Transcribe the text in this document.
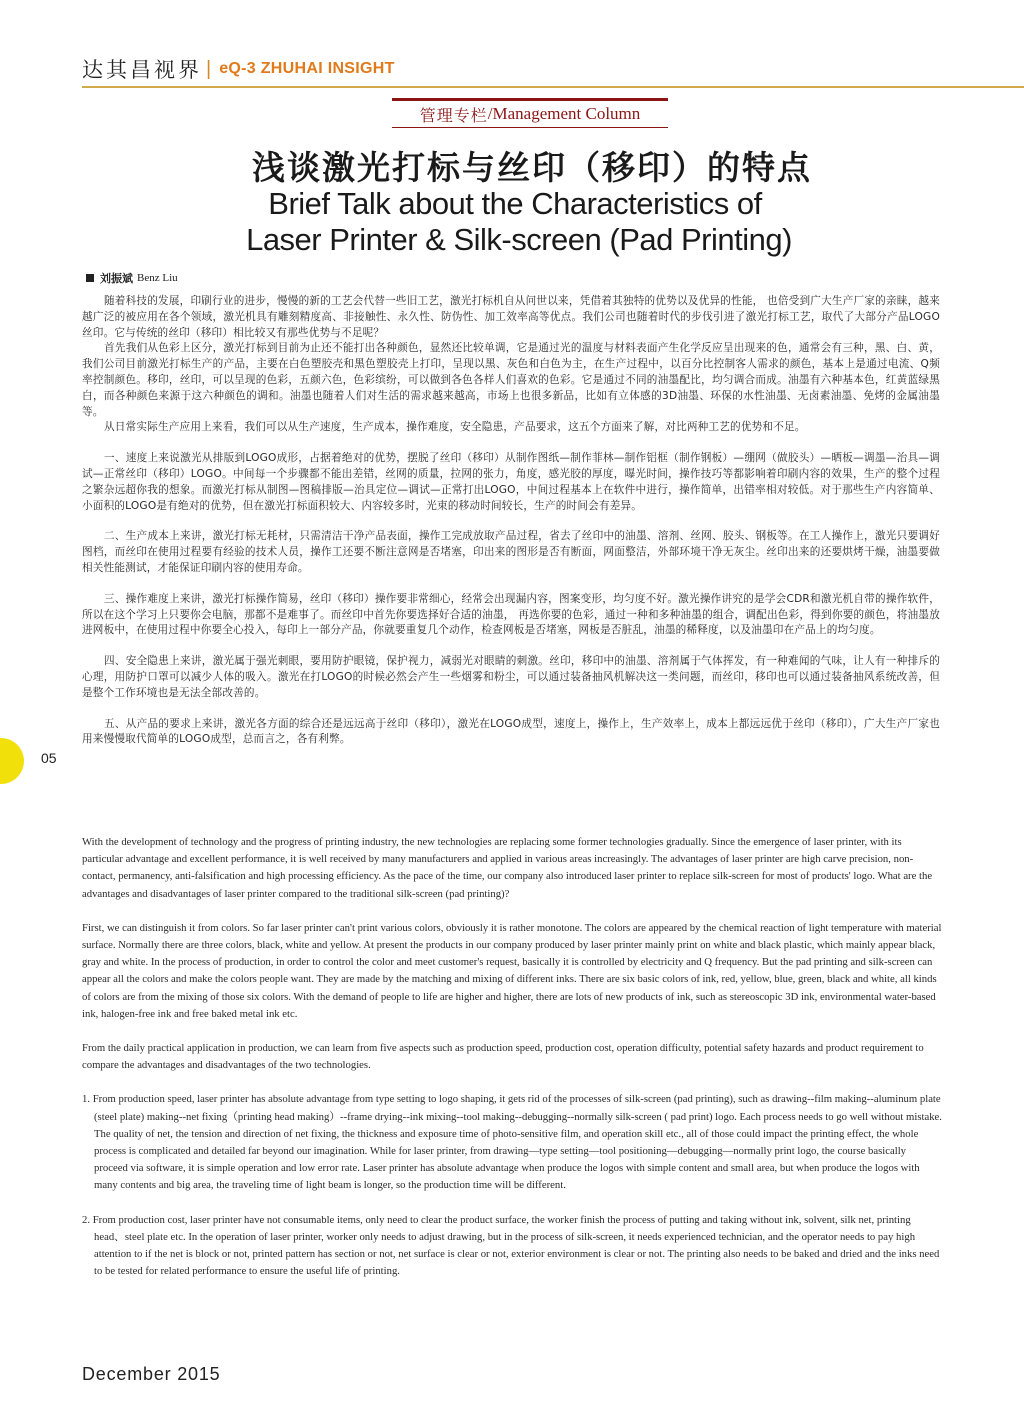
达其昌视界 | eQ-3 ZHUHAI INSIGHT
管理专栏 / Management Column
浅谈激光打标与丝印（移印）的特点
Brief Talk about the Characteristics of
Laser Printer & Silk-screen (Pad Printing)
刘振斌 Benz Liu

随着科技的发展，印刷行业的进步，慢慢的新的工艺会代替一些旧工艺，激光打标机自从问世以来，凭借着其独特的优势以及优异的性能， 也倍受到广大生产厂家的亲睐，越来越广泛的被应用在各个领域，激光机具有雕刻精度高、非接触性、永久性、防伪性、加工效率高等优点。我们公司也随着时代的步伐引进了激光打标工艺，取代了大部分产品LOGO丝印。它与传统的丝印（移印）相比较又有那些优势与不足呢？

首先我们从色彩上区分，激光打标到目前为止还不能打出各种颜色，显然还比较单调，它是通过光的温度与材料表面产生化学反应呈出现来的色，通常会有三种，黑、白、黄，我们公司目前激光打标生产的产品，主要在白色塑胶壳和黑色塑胶壳上打印，呈现以黑、灰色和白色为主，在生产过程中，以百分比控制客人需求的颜色，基本上是通过电流、Q频率控制颜色。移印，丝印，可以呈现的色彩，五颜六色，色彩缤纷，可以做到各色各样人们喜欢的色彩。它是通过不同的油墨配比，均匀调合而成。油墨有六种基本色，红黄蓝绿黑白，而各种颜色来源于这六种颜色的调和。油墨也随着人们对生活的需求越来越高，市场上也很多新品，比如有立体感的3D油墨、环保的水性油墨、无卤素油墨、免烤的金属油墨等。

从日常实际生产应用上来看，我们可以从生产速度，生产成本，操作难度，安全隐患，产品要求，这五个方面来了解，对比两种工艺的优势和不足。

一、速度上来说激光从排版到LOGO成形，占据着绝对的优势，摆脱了丝印（移印）从制作图纸—制作菲林—制作铝框（制作钢板）—绷网（做胶头）—晒板—调墨—治具—调试—正常丝印（移印）LOGO。中间每一个步骤都不能出差错，丝网的质量，拉网的张力，角度，感光胶的厚度，曝光时间，操作技巧等都影响着印刷内容的效果，生产的整个过程之繁杂远超你我的想象。而激光打标从制图—图稿排版—治具定位—调试—正常打出LOGO，中间过程基本上在软件中进行，操作简单，出错率相对较低。对于那些生产内容简单、小面积的LOGO是有绝对的优势，但在激光打标面积较大、内容较多时，光束的移动时间较长，生产的时间会有差异。

二、生产成本上来讲，激光打标无耗材，只需清洁干净产品表面，操作工完成放取产品过程，省去了丝印中的油墨、溶剂、丝网、胶头、钢板等。在工人操作上，激光只要调好图档，而丝印在使用过程要有经验的技术人员，操作工还要不断注意网是否堵塞，印出来的图形是否有断面，网面整洁，外部环境干净无灰尘。丝印出来的还要烘烤干燥，油墨要做相关性能测试，才能保证印刷内容的使用寿命。

三、操作难度上来讲，激光打标操作简易，丝印（移印）操作要非常细心，经常会出现漏内容，图案变形，均匀度不好。激光操作讲究的是学会CDR和激光机自带的操作软件，所以在这个学习上只要你会电脑，那都不是难事了。而丝印中首先你要选择好合适的油墨， 再选你要的色彩，通过一种和多种油墨的组合，调配出色彩，得到你要的颜色，将油墨放进网板中，在使用过程中你要全心投入，每印上一部分产品，你就要重复几个动作，检查网板是否堵塞，网板是否脏乱，油墨的稀释度，以及油墨印在产品上的均匀度。

四、安全隐患上来讲，激光属于强光刺眼，要用防护眼镜，保护视力，减弱光对眼睛的刺激。丝印，移印中的油墨、溶剂属于气体挥发，有一种难闻的气味，让人有一种排斥的心理，用防护口罩可以减少人体的吸入。激光在打LOGO的时候必然会产生一些烟雾和粉尘，可以通过装备抽风机解决这一类问题，而丝印，移印也可以通过装备抽风系统改善，但是整个工作环境也是无法全部改善的。

五、从产品的要求上来讲，激光各方面的综合还是远远高于丝印（移印），激光在LOGO成型，速度上，操作上，生产效率上，成本上都远远优于丝印（移印），广大生产厂家也用来慢慢取代简单的LOGO成型，总而言之，各有利弊。

05

With the development of technology and the progress of printing industry, the new technologies are replacing some former technologies gradually. Since the emergence of laser printer, with its particular advantage and excellent performance, it is well received by many manufacturers and applied in various areas increasingly. The advantages of laser printer are high carve precision, non-contact, permanency, anti-falsification and high processing efficiency. As the pace of the time, our company also introduced laser printer to replace silk-screen for most of products' logo. What are the advantages and disadvantages of laser printer compared to the traditional silk-screen (pad printing)?

First, we can distinguish it from colors. So far laser printer can't print various colors, obviously it is rather monotone. The colors are appeared by the chemical reaction of light temperature with material surface. Normally there are three colors, black, white and yellow. At present the products in our company produced by laser printer mainly print on white and black plastic, which mainly appear black, gray and white. In the process of production, in order to control the color and meet customer's request, basically it is controlled by electricity and Q frequency. But the pad printing and silk-screen can appear all the colors and make the colors people want. They are made by the matching and mixing of different inks. There are six basic colors of ink, red, yellow, blue, green, black and white, all kinds of colors are from the mixing of those six colors. With the demand of people to life are higher and higher, there are lots of new products of ink, such as stereoscopic 3D ink, environmental water-based ink, halogen-free ink and free baked metal ink etc.

From the daily practical application in production, we can learn from five aspects such as production speed, production cost, operation difficulty, potential safety hazards and product requirement to compare the advantages and disadvantages of the two technologies.

1. From production speed, laser printer has absolute advantage from type setting to logo shaping, it gets rid of the processes of silk-screen (pad printing), such as drawing--film making--aluminum plate (steel plate) making--net fixing（printing head making）--frame drying--ink mixing--tool making--debugging--normally silk-screen ( pad print) logo. Each process needs to go well without mistake. The quality of net, the tension and direction of net fixing, the thickness and exposure time of photo-sensitive film, and operation skill etc., all of those could impact the printing effect, the whole process is complicated and detailed far beyond our imagination. While for laser printer, from drawing—type setting—tool positioning—debugging—normally print logo, the course basically proceed via software, it is simple operation and low error rate. Laser printer has absolute advantage when produce the logos with simple content and small area, but when produce the logos with many contents and big area, the traveling time of light beam is longer, so the production time will be different.

2. From production cost, laser printer have not consumable items, only need to clear the product surface, the worker finish the process of putting and taking without ink, solvent, silk net, printing head、steel plate etc. In the operation of laser printer, worker only needs to adjust drawing, but in the process of silk-screen, it needs experienced technician, and the operator needs to pay high attention to if the net is block or not, printed pattern has section or not, net surface is clear or not, exterior environment is clear or not. The printing also needs to be baked and dried and the inks need to be tested for related performance to ensure the useful life of printing.

December 2015
